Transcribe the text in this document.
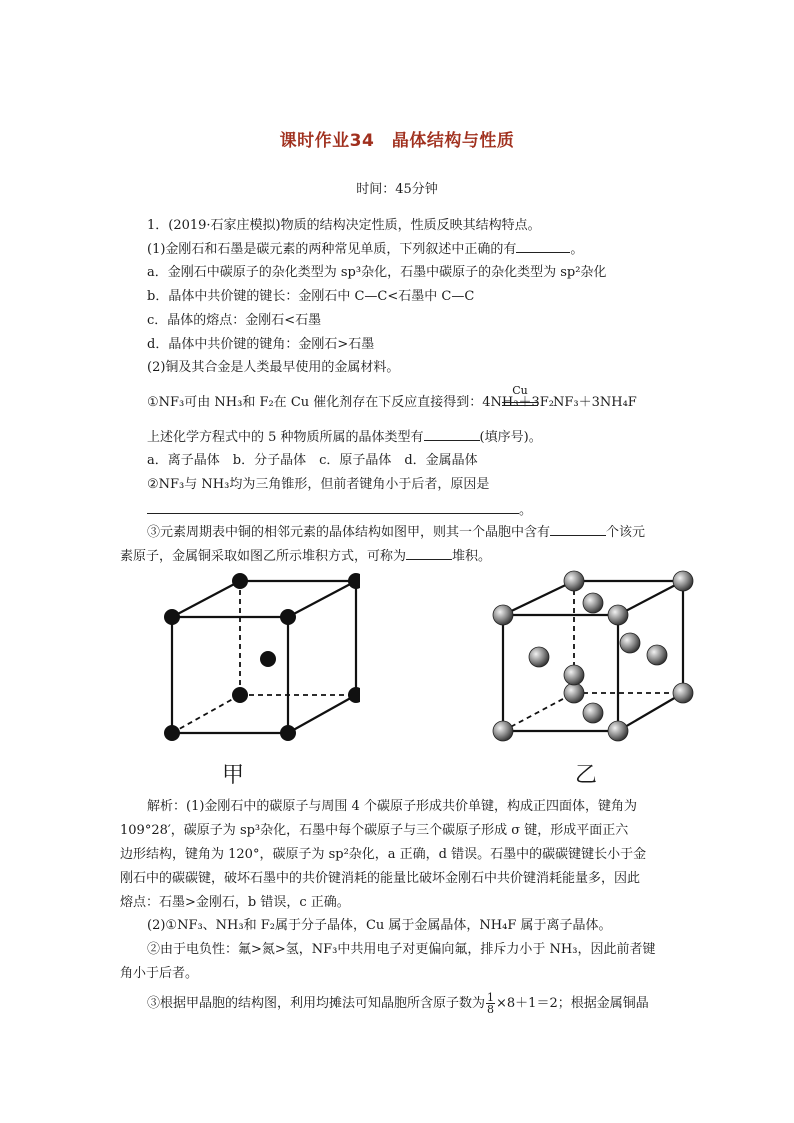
课时作业34　晶体结构与性质
时间：45分钟
1．(2019·石家庄模拟)物质的结构决定性质，性质反映其结构特点。
(1)金刚石和石墨是碳元素的两种常见单质，下列叙述中正确的有	。
a．金刚石中碳原子的杂化类型为 sp³杂化，石墨中碳原子的杂化类型为 sp²杂化
b．晶体中共价键的键长：金刚石中 C—C<石墨中 C—C
c．晶体的熔点：金刚石<石墨
d．晶体中共价键的键角：金刚石>石墨
(2)铜及其合金是人类最早使用的金属材料。
①NF₃可由 NH₃和 F₂在 Cu 催化剂存在下反应直接得到：4NH₃＋3F₂
Cu
NF₃＋3NH₄F
上述化学方程式中的 5 种物质所属的晶体类型有	(填序号)。
a．离子晶体　b．分子晶体　c．原子晶体　d．金属晶体
②NF₃与 NH₃均为三角锥形，但前者键角小于后者，原因是
。
③元素周期表中铜的相邻元素的晶体结构如图甲，则其一个晶胞中含有	个该元
素原子，金属铜采取如图乙所示堆积方式，可称为	堆积。
甲	乙
解析：(1)金刚石中的碳原子与周围 4 个碳原子形成共价单键，构成正四面体，键角为
109°28′，碳原子为 sp³杂化，石墨中每个碳原子与三个碳原子形成 σ 键，形成平面正六
边形结构，键角为 120°，碳原子为 sp²杂化，a 正确，d 错误。石墨中的碳碳键键长小于金
刚石中的碳碳键，破坏石墨中的共价键消耗的能量比破坏金刚石中共价键消耗能量多，因此
熔点：石墨>金刚石，b 错误，c 正确。
(2)①NF₃、NH₃和 F₂属于分子晶体，Cu 属于金属晶体，NH₄F 属于离子晶体。
②由于电负性：氟>氮>氢，NF₃中共用电子对更偏向氟，排斥力小于 NH₃，因此前者键
角小于后者。
③根据甲晶胞的结构图，利用均摊法可知晶胞所含原子数为 $\frac{1}{8} \times 8+1=2$；根据金属铜晶
